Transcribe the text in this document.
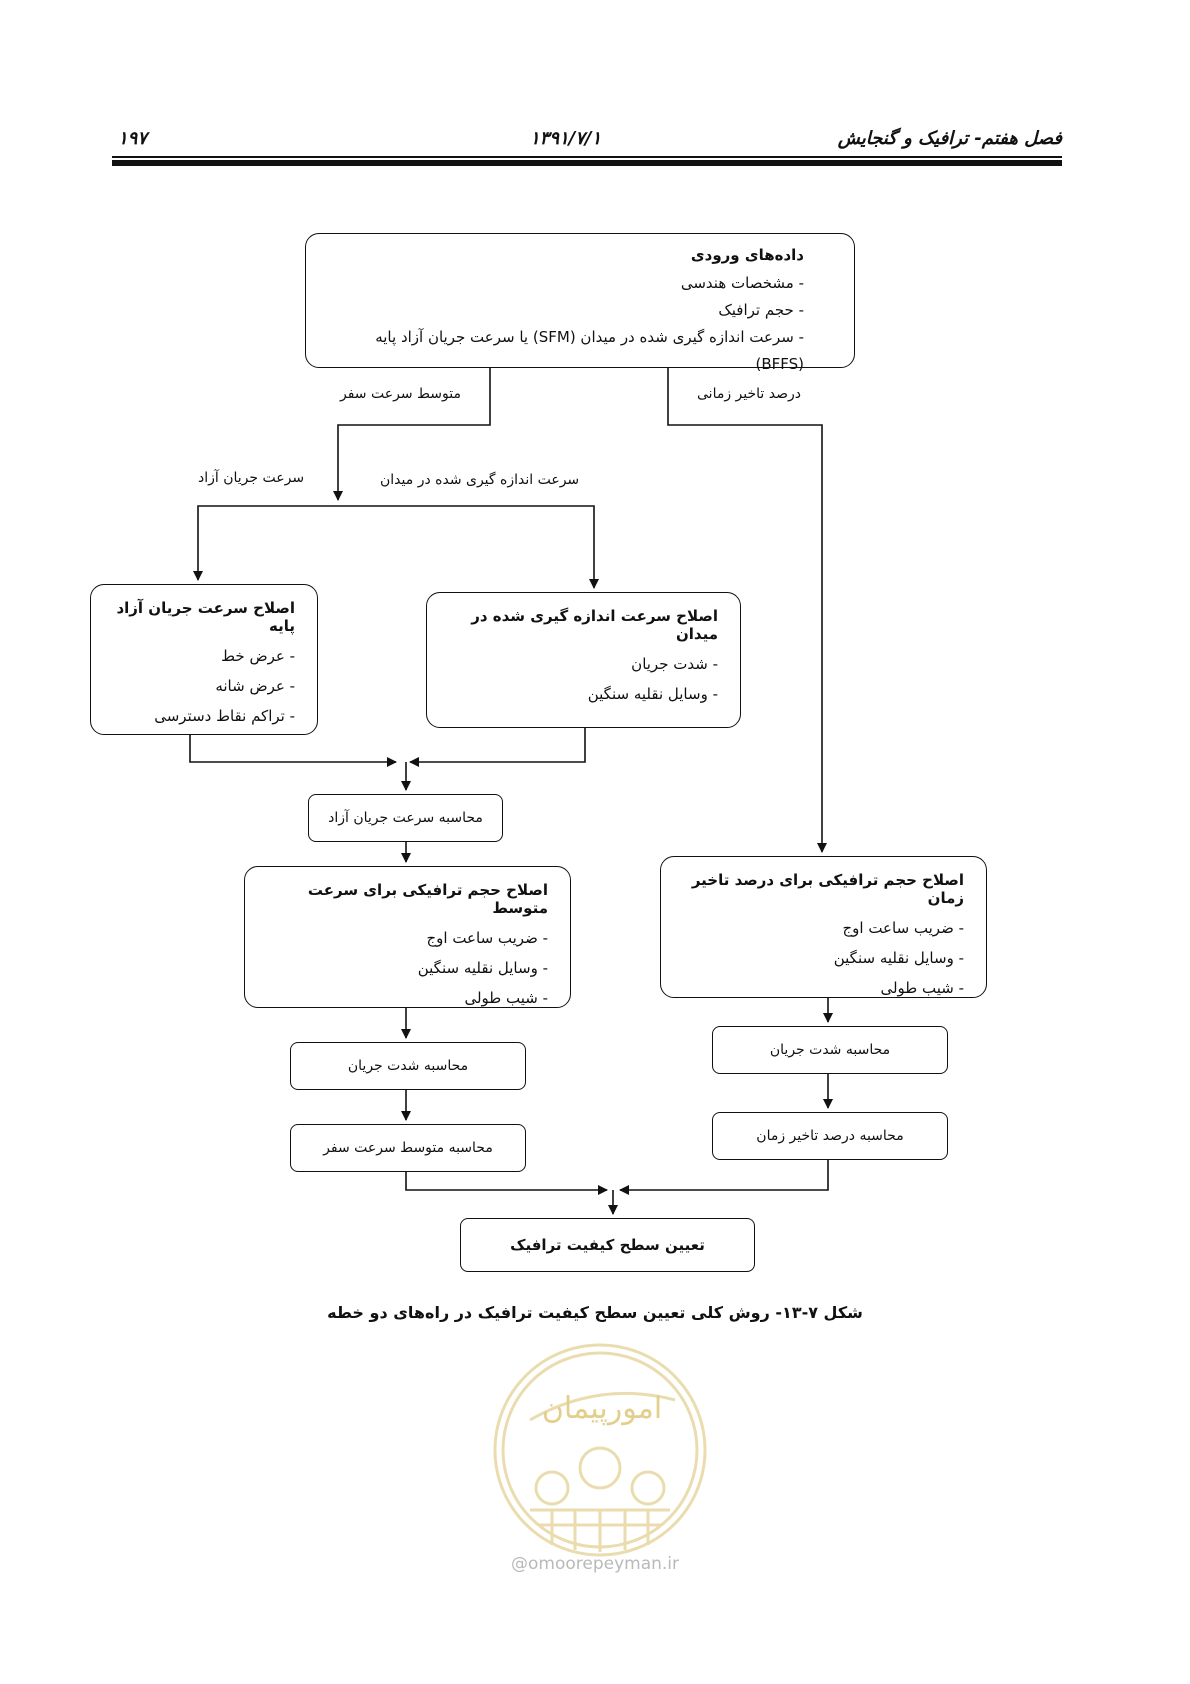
۱۹۷	۱۳۹۱/۷/۱	فصل هفتم- ترافیک و گنجایش
داده‌های ورودی
- مشخصات هندسی
- حجم ترافیک
- سرعت اندازه گیری شده در میدان (SFM) یا سرعت جریان آزاد پایه (BFFS)
متوسط سرعت سفر	درصد تاخیر زمانی
سرعت جریان آزاد	سرعت اندازه گیری شده در میدان
اصلاح سرعت جریان آزاد پایه
- عرض خط
- عرض شانه
- تراکم نقاط دسترسی
اصلاح سرعت اندازه گیری شده در میدان
- شدت جریان
- وسایل نقلیه سنگین
محاسبه سرعت جریان آزاد
اصلاح حجم ترافیکی برای سرعت متوسط
- ضریب ساعت اوج
- وسایل نقلیه سنگین
- شیب طولی
اصلاح حجم ترافیکی برای درصد تاخیر زمان
- ضریب ساعت اوج
- وسایل نقلیه سنگین
- شیب طولی
محاسبه شدت جریان
محاسبه شدت جریان
محاسبه متوسط سرعت سفر
محاسبه درصد تاخیر زمان
تعیین سطح کیفیت ترافیک
شکل ۷-۱۳- روش کلی تعیین سطح کیفیت ترافیک در راه‌های دو خطه
امورپیمان
@omoorepeyman.ir
